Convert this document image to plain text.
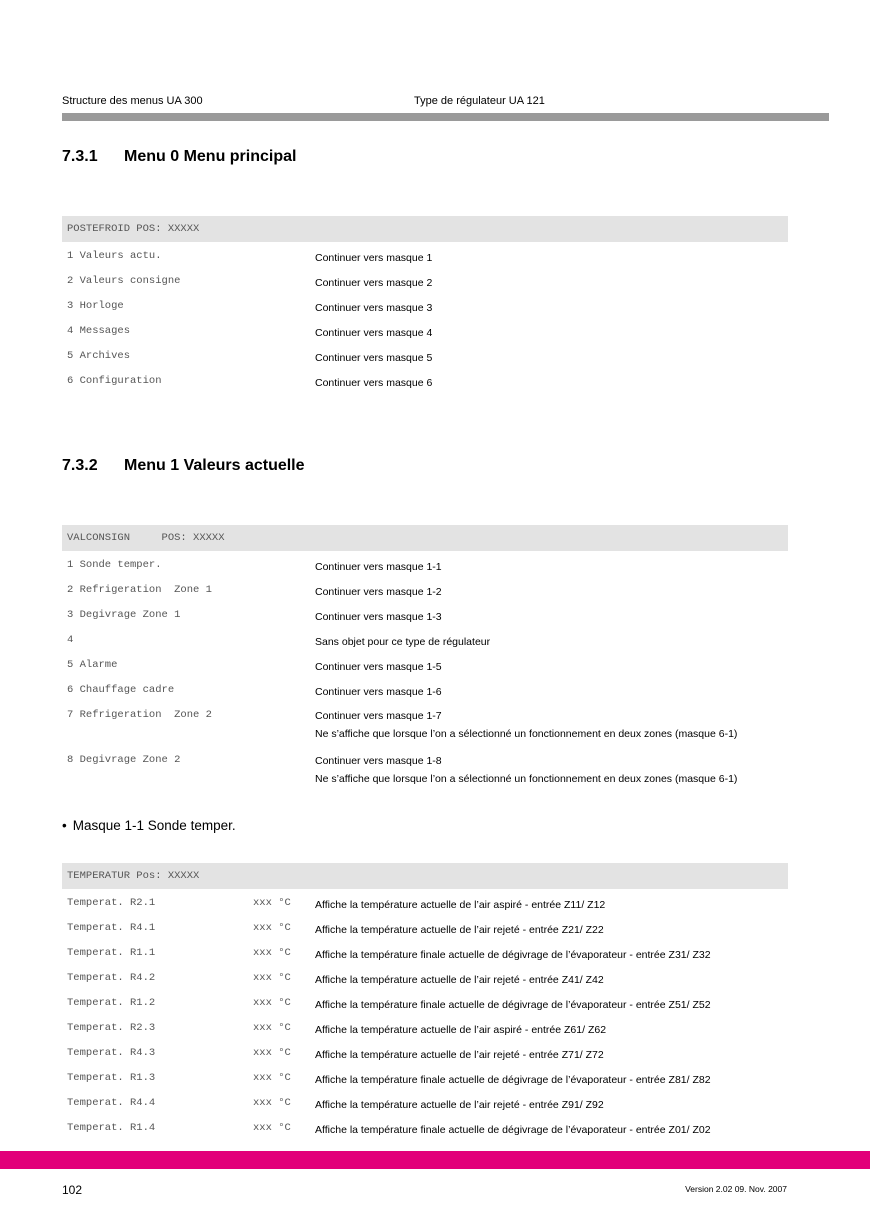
Structure des menus UA 300	Type de régulateur UA 121
7.3.1 Menu 0 Menu principal
POSTEFROID POS: XXXXX
1 Valeurs actu.	Continuer vers masque 1
2 Valeurs consigne	Continuer vers masque 2
3 Horloge	Continuer vers masque 3
4 Messages	Continuer vers masque 4
5 Archives	Continuer vers masque 5
6 Configuration	Continuer vers masque 6
7.3.2 Menu 1 Valeurs actuelle
VALCONSIGN     POS: XXXXX
1 Sonde temper.	Continuer vers masque 1-1
2 Refrigeration  Zone 1	Continuer vers masque 1-2
3 Degivrage Zone 1	Continuer vers masque 1-3
4	Sans objet pour ce type de régulateur
5 Alarme	Continuer vers masque 1-5
6 Chauffage cadre	Continuer vers masque 1-6
7 Refrigeration  Zone 2	Continuer vers masque 1-7
Ne s’affiche que lorsque l’on a sélectionné un fonctionnement en deux zones (masque 6-1)
8 Degivrage Zone 2	Continuer vers masque 1-8
Ne s’affiche que lorsque l’on a sélectionné un fonctionnement en deux zones (masque 6-1)
• Masque 1-1 Sonde temper.
TEMPERATUR Pos: XXXXX
Temperat. R2.1	xxx °C Affiche la température actuelle de l’air aspiré - entrée Z11/ Z12
Temperat. R4.1	xxx °C Affiche la température actuelle de l’air rejeté - entrée Z21/ Z22
Temperat. R1.1	xxx °C Affiche la température finale actuelle de dégivrage de l’évaporateur - entrée Z31/ Z32
Temperat. R4.2	xxx °C Affiche la température actuelle de l’air rejeté - entrée Z41/ Z42
Temperat. R1.2	xxx °C Affiche la température finale actuelle de dégivrage de l’évaporateur - entrée Z51/ Z52
Temperat. R2.3	xxx °C Affiche la température actuelle de l’air aspiré - entrée Z61/ Z62
Temperat. R4.3	xxx °C Affiche la température actuelle de l’air rejeté - entrée Z71/ Z72
Temperat. R1.3	xxx °C Affiche la température finale actuelle de dégivrage de l’évaporateur - entrée Z81/ Z82
Temperat. R4.4	xxx °C Affiche la température actuelle de l’air rejeté - entrée Z91/ Z92
Temperat. R1.4	xxx °C Affiche la température finale actuelle de dégivrage de l’évaporateur - entrée Z01/ Z02
102	Version 2.02 09. Nov. 2007
